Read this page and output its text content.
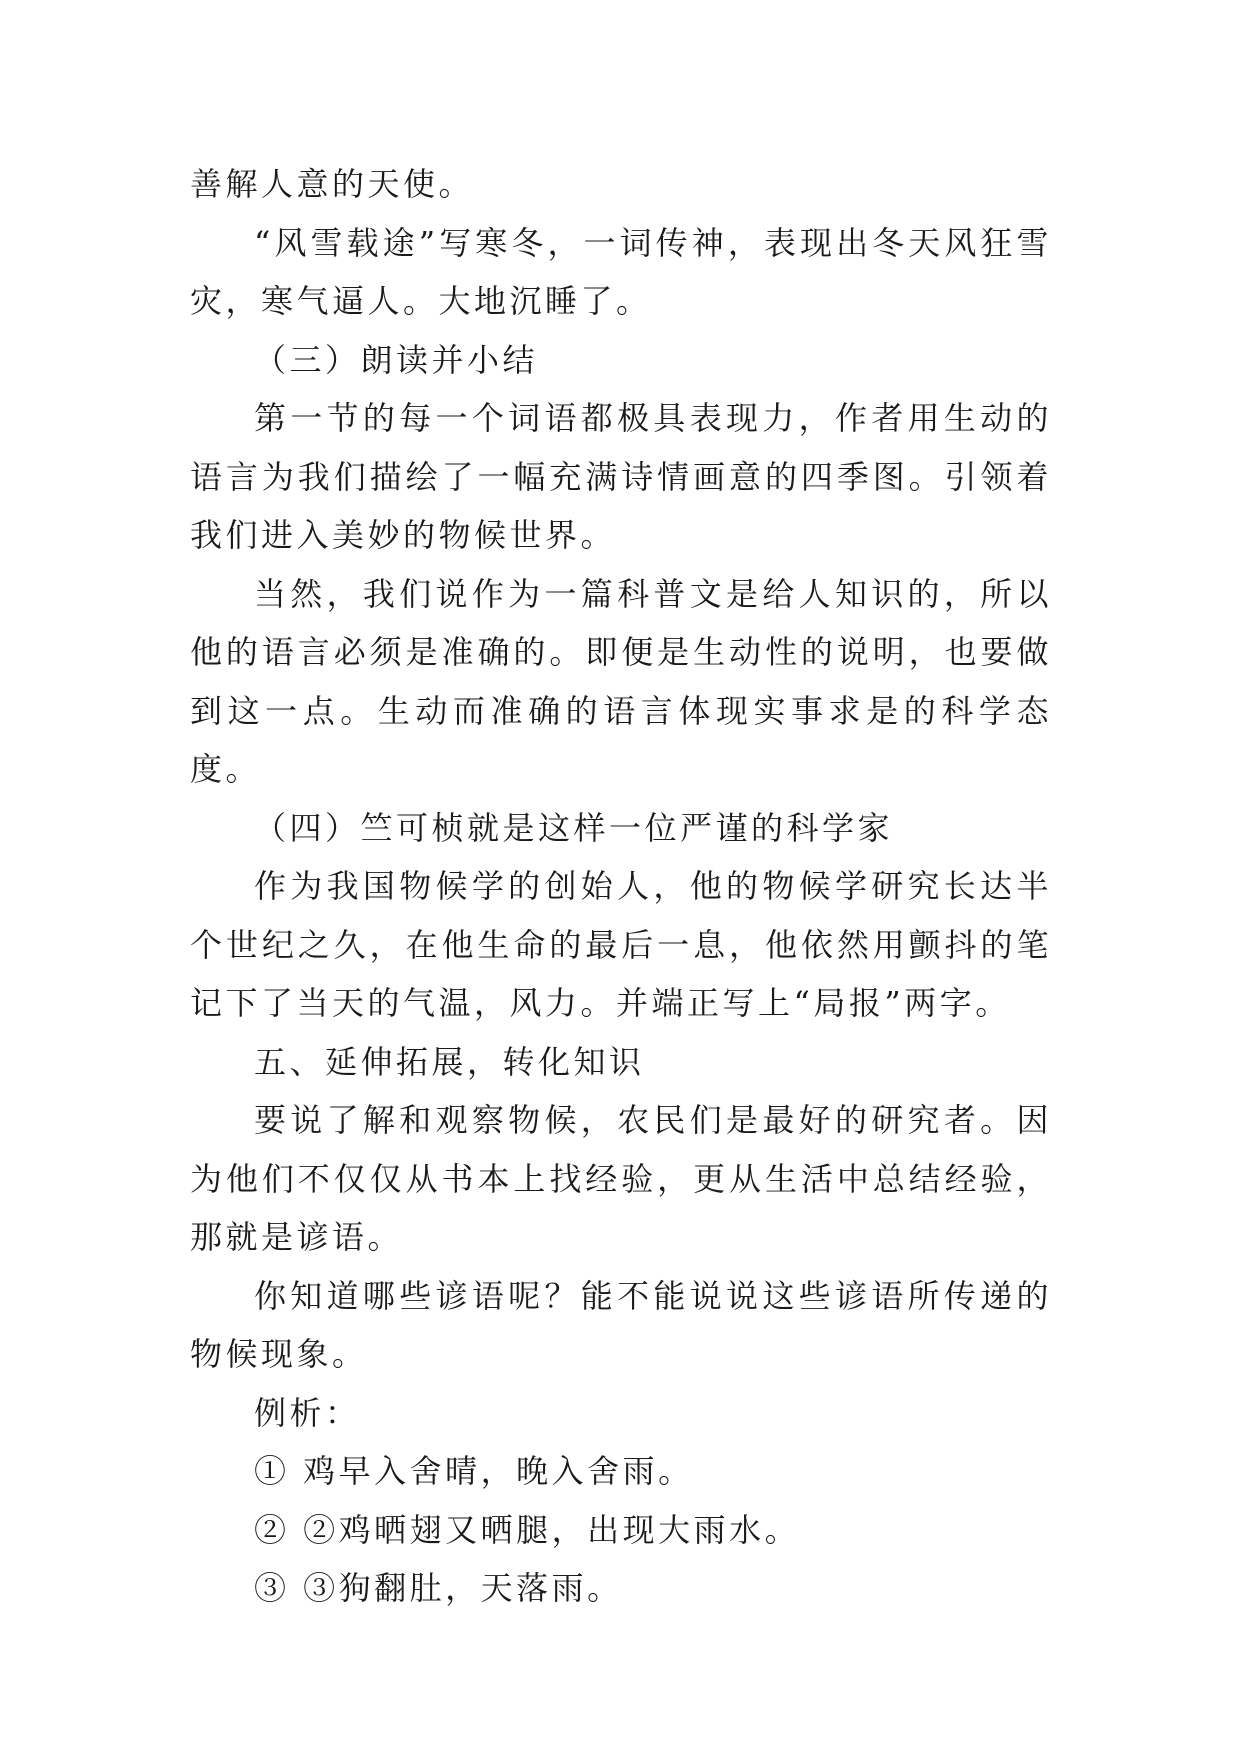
善解人意的天使。

“风雪载途”写寒冬，一词传神，表现出冬天风狂雪灾，寒气逼人。大地沉睡了。

（三）朗读并小结

第一节的每一个词语都极具表现力，作者用生动的语言为我们描绘了一幅充满诗情画意的四季图。引领着我们进入美妙的物候世界。

当然，我们说作为一篇科普文是给人知识的，所以他的语言必须是准确的。即便是生动性的说明，也要做到这一点。生动而准确的语言体现实事求是的科学态度。

（四）竺可桢就是这样一位严谨的科学家

作为我国物候学的创始人，他的物候学研究长达半个世纪之久，在他生命的最后一息，他依然用颤抖的笔记下了当天的气温，风力。并端正写上“局报”两字。

五、延伸拓展，转化知识

要说了解和观察物候，农民们是最好的研究者。因为他们不仅仅从书本上找经验，更从生活中总结经验，那就是谚语。

你知道哪些谚语呢？能不能说说这些谚语所传递的物候现象。

例析：

① 鸡早入舍晴，晚入舍雨。

② ②鸡晒翅又晒腿，出现大雨水。

③ ③狗翻肚，天落雨。
